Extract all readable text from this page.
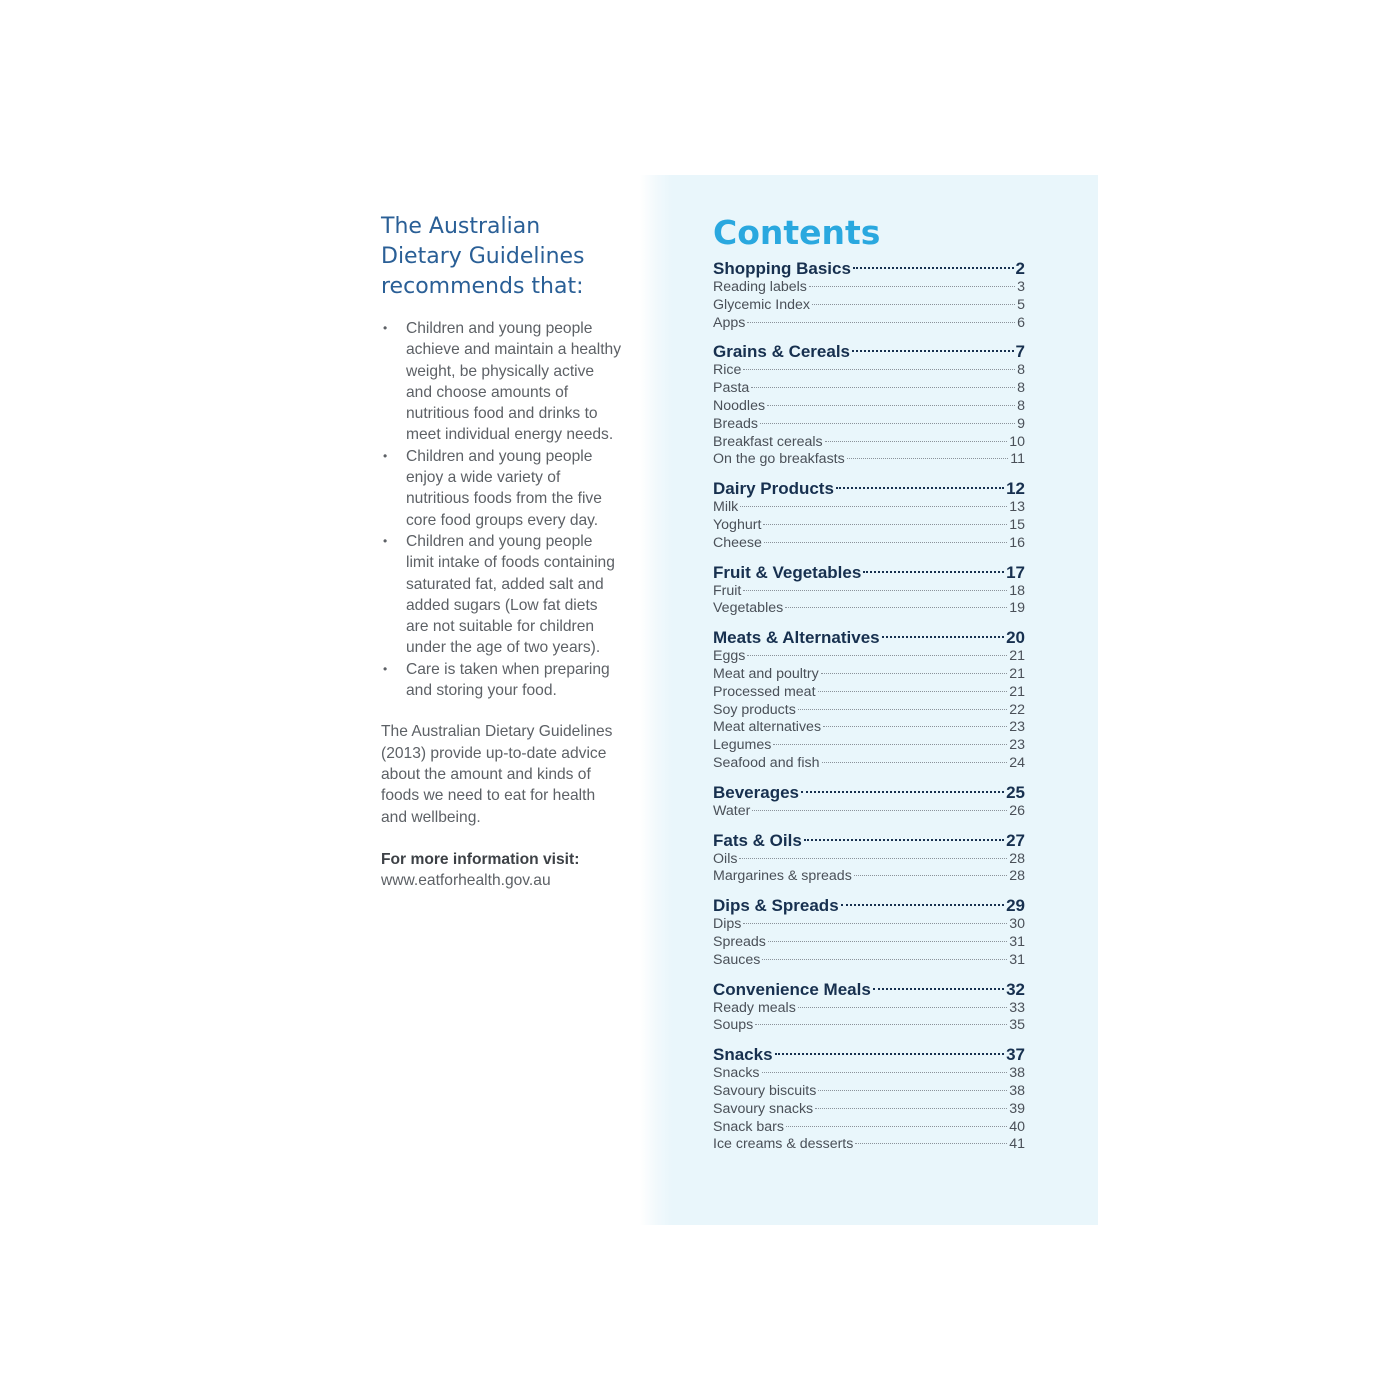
The Australian
Dietary Guidelines
recommends that:
• Children and young people achieve and maintain a healthy weight, be physically active and choose amounts of nutritious food and drinks to meet individual energy needs.
• Children and young people enjoy a wide variety of nutritious foods from the five core food groups every day.
• Children and young people limit intake of foods containing saturated fat, added salt and added sugars (Low fat diets are not suitable for children under the age of two years).
• Care is taken when preparing and storing your food.
The Australian Dietary Guidelines (2013) provide up-to-date advice about the amount and kinds of foods we need to eat for health and wellbeing.
For more information visit:
www.eatforhealth.gov.au
Contents
Shopping Basics	2
Reading labels	3
Glycemic Index	5
Apps	6
Grains & Cereals	7
Rice	8
Pasta	8
Noodles	8
Breads	9
Breakfast cereals	10
On the go breakfasts	11
Dairy Products	12
Milk	13
Yoghurt	15
Cheese	16
Fruit & Vegetables	17
Fruit	18
Vegetables	19
Meats & Alternatives	20
Eggs	21
Meat and poultry	21
Processed meat	21
Soy products	22
Meat alternatives	23
Legumes	23
Seafood and fish	24
Beverages	25
Water	26
Fats & Oils	27
Oils	28
Margarines & spreads	28
Dips & Spreads	29
Dips	30
Spreads	31
Sauces	31
Convenience Meals	32
Ready meals	33
Soups	35
Snacks	37
Snacks	38
Savoury biscuits	38
Savoury snacks	39
Snack bars	40
Ice creams & desserts	41
